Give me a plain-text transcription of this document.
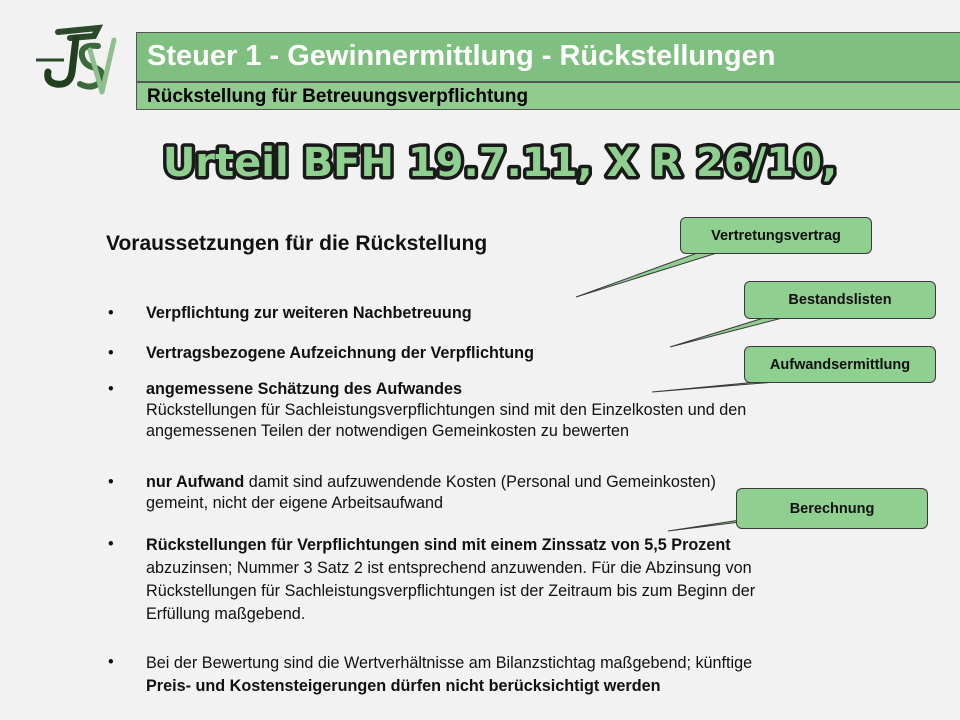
Steuer 1 - Gewinnermittlung - Rückstellungen
Rückstellung für Betreuungsverpflichtung
Urteil BFH 19.7.11, X R 26/10,
Voraussetzungen für die Rückstellung
• Verpflichtung zur weiteren Nachbetreuung
• Vertragsbezogene Aufzeichnung der Verpflichtung
• angemessene Schätzung des Aufwandes
Rückstellungen für Sachleistungsverpflichtungen sind mit den Einzelkosten und den
angemessenen Teilen der notwendigen Gemeinkosten zu bewerten
• nur Aufwand damit sind aufzuwendende Kosten (Personal und Gemeinkosten)
gemeint, nicht der eigene Arbeitsaufwand
• Rückstellungen für Verpflichtungen sind mit einem Zinssatz von 5,5 Prozent
abzuzinsen; Nummer 3 Satz 2 ist entsprechend anzuwenden. Für die Abzinsung von
Rückstellungen für Sachleistungsverpflichtungen ist der Zeitraum bis zum Beginn der
Erfüllung maßgebend.
• Bei der Bewertung sind die Wertverhältnisse am Bilanzstichtag maßgebend; künftige
Preis- und Kostensteigerungen dürfen nicht berücksichtigt werden
Vertretungsvertrag
Bestandslisten
Aufwandsermittlung
Berechnung
